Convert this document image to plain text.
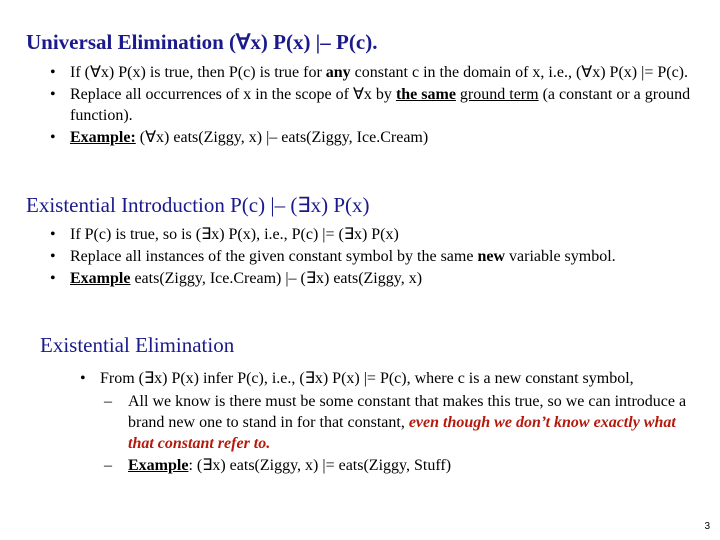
Universal Elimination (∀x) P(x) |– P(c).
• If (∀x) P(x) is true, then P(c) is true for any constant c in the domain of x, i.e., (∀x) P(x) |= P(c).
• Replace all occurrences of x in the scope of ∀x by the same ground term (a constant or a ground function).
• Example: (∀x) eats(Ziggy, x) |– eats(Ziggy, Ice.Cream)
Existential Introduction P(c) |– (∃x) P(x)
• If P(c) is true, so is (∃x) P(x), i.e., P(c) |= (∃x) P(x)
• Replace all instances of the given constant symbol by the same new variable symbol.
• Example eats(Ziggy, Ice.Cream) |– (∃x) eats(Ziggy, x)
Existential Elimination
• From (∃x) P(x) infer P(c), i.e., (∃x) P(x) |= P(c), where c is a new constant symbol,
– All we know is there must be some constant that makes this true, so we can introduce a brand new one to stand in for that constant, even though we don’t know exactly what that constant refer to.
– Example: (∃x) eats(Ziggy, x) |= eats(Ziggy, Stuff)
3
